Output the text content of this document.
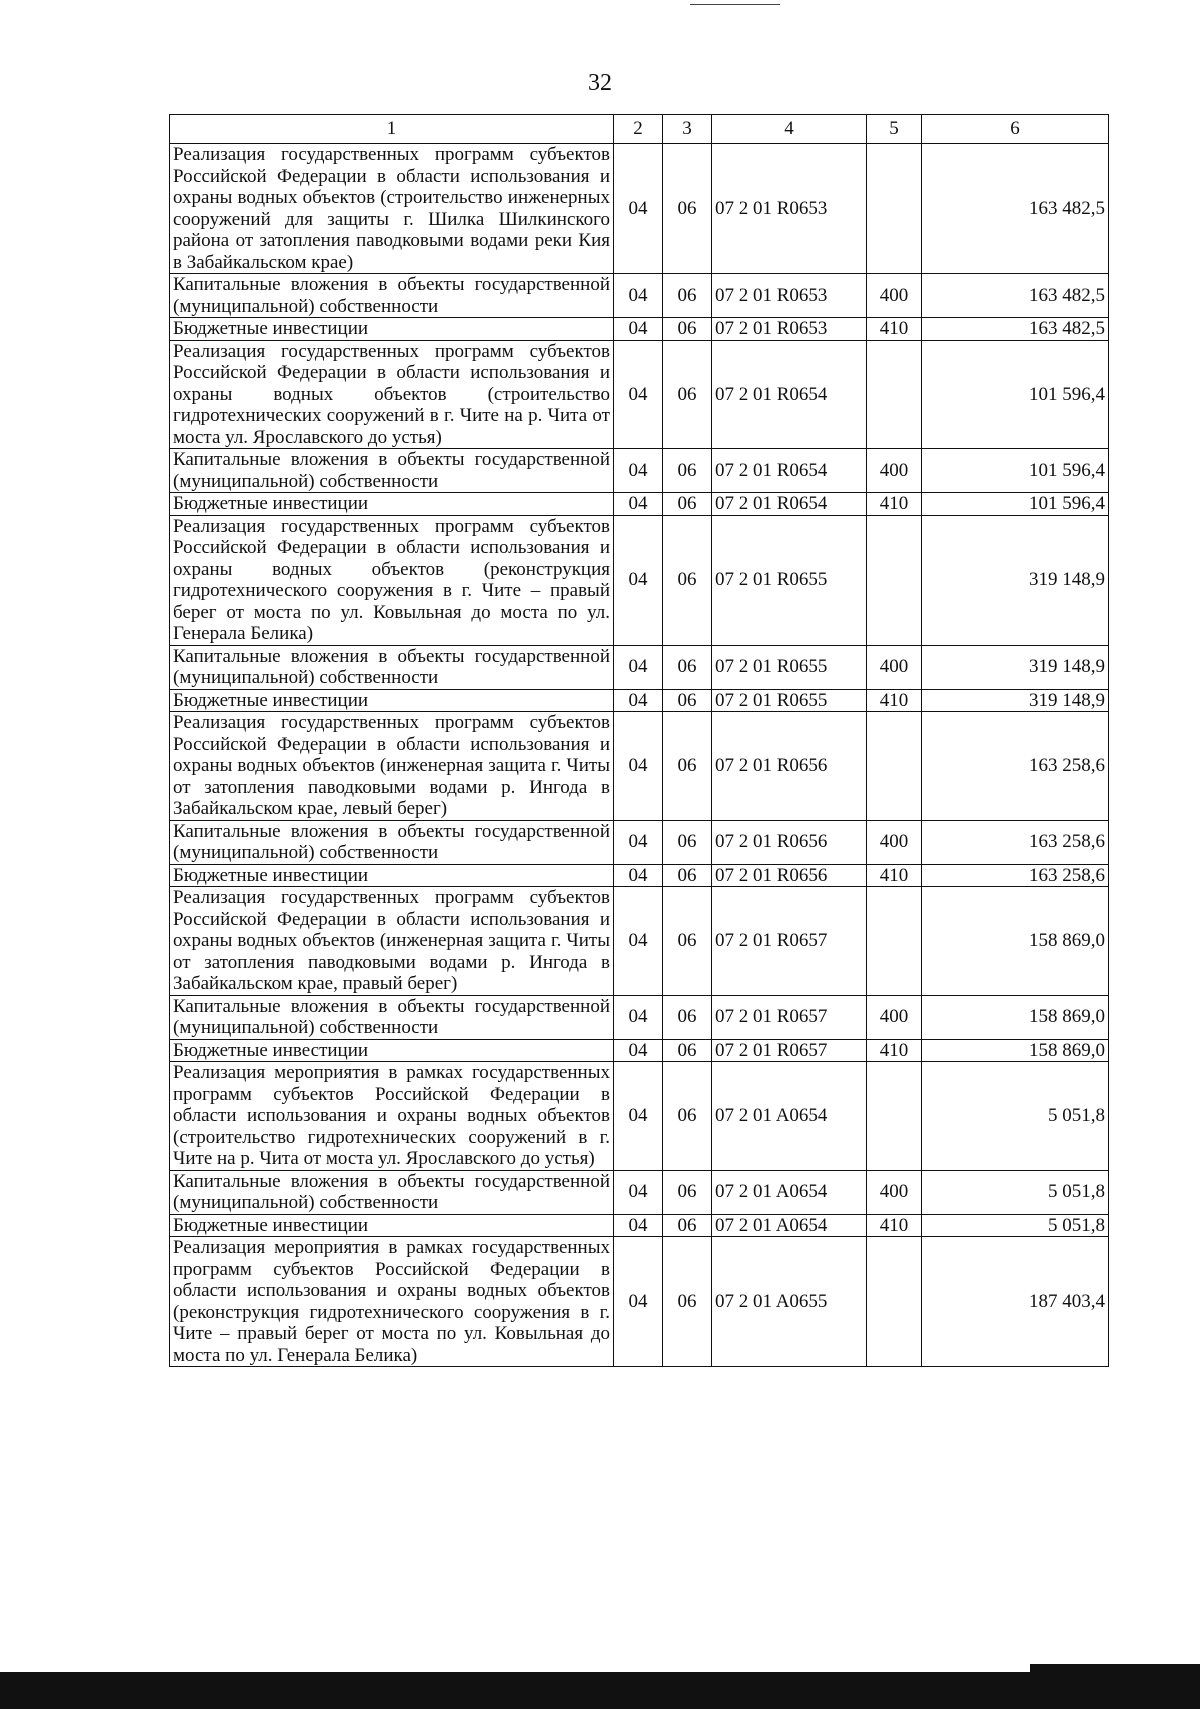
32
1	2	3	4	5	6
Реализация государственных программ субъектов Российской Федерации в области использования и охраны водных объектов (строительство инженерных сооружений для защиты г. Шилка Шилкинского района от затопления паводковыми водами реки Кия в Забайкальском крае)	04	06	07 2 01 R0653		163 482,5
Капитальные вложения в объекты государственной (муниципальной) собственности	04	06	07 2 01 R0653	400	163 482,5
Бюджетные инвестиции	04	06	07 2 01 R0653	410	163 482,5
Реализация государственных программ субъектов Российской Федерации в области использования и охраны водных объектов (строительство гидротехнических сооружений в г. Чите на р. Чита от моста ул. Ярославского до устья)	04	06	07 2 01 R0654		101 596,4
Капитальные вложения в объекты государственной (муниципальной) собственности	04	06	07 2 01 R0654	400	101 596,4
Бюджетные инвестиции	04	06	07 2 01 R0654	410	101 596,4
Реализация государственных программ субъектов Российской Федерации в области использования и охраны водных объектов (реконструкция гидротехнического сооружения в г. Чите – правый берег от моста по ул. Ковыльная до моста по ул. Генерала Белика)	04	06	07 2 01 R0655		319 148,9
Капитальные вложения в объекты государственной (муниципальной) собственности	04	06	07 2 01 R0655	400	319 148,9
Бюджетные инвестиции	04	06	07 2 01 R0655	410	319 148,9
Реализация государственных программ субъектов Российской Федерации в области использования и охраны водных объектов (инженерная защита г. Читы от затопления паводковыми водами р. Ингода в Забайкальском крае, левый берег)	04	06	07 2 01 R0656		163 258,6
Капитальные вложения в объекты государственной (муниципальной) собственности	04	06	07 2 01 R0656	400	163 258,6
Бюджетные инвестиции	04	06	07 2 01 R0656	410	163 258,6
Реализация государственных программ субъектов Российской Федерации в области использования и охраны водных объектов (инженерная защита г. Читы от затопления паводковыми водами р. Ингода в Забайкальском крае, правый берег)	04	06	07 2 01 R0657		158 869,0
Капитальные вложения в объекты государственной (муниципальной) собственности	04	06	07 2 01 R0657	400	158 869,0
Бюджетные инвестиции	04	06	07 2 01 R0657	410	158 869,0
Реализация мероприятия в рамках государственных программ субъектов Российской Федерации в области использования и охраны водных объектов (строительство гидротехнических сооружений в г. Чите на р. Чита от моста ул. Ярославского до устья)	04	06	07 2 01 A0654		5 051,8
Капитальные вложения в объекты государственной (муниципальной) собственности	04	06	07 2 01 A0654	400	5 051,8
Бюджетные инвестиции	04	06	07 2 01 A0654	410	5 051,8
Реализация мероприятия в рамках государственных программ субъектов Российской Федерации в области использования и охраны водных объектов (реконструкция гидротехнического сооружения в г. Чите – правый берег от моста по ул. Ковыльная до моста по ул. Генерала Белика)	04	06	07 2 01 A0655		187 403,4
